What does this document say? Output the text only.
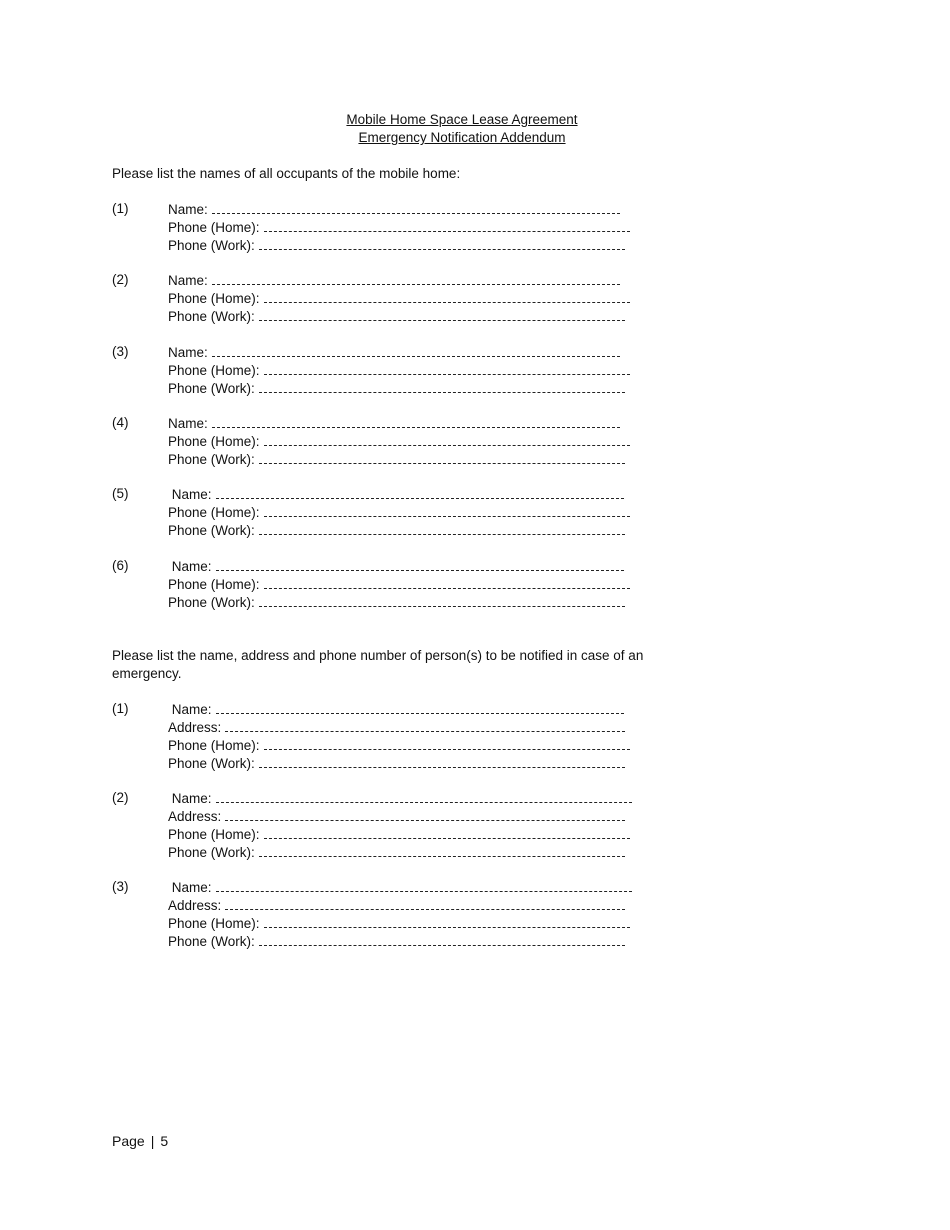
Mobile Home Space Lease Agreement
Emergency Notification Addendum
Please list the names of all occupants of the mobile home:
(1)	Name:
Phone (Home):
Phone (Work):
(2)	Name:
Phone (Home):
Phone (Work):
(3)	Name:
Phone (Home):
Phone (Work):
(4)	Name:
Phone (Home):
Phone (Work):
(5)	Name:
Phone (Home):
Phone (Work):
(6)	Name:
Phone (Home):
Phone (Work):
Please list the name, address and phone number of person(s) to be notified in case of an emergency.
(1)	Name:
Address:
Phone (Home):
Phone (Work):
(2)	Name:
Address:
Phone (Home):
Phone (Work):
(3)	Name:
Address:
Phone (Home):
Phone (Work):
Page | 5
